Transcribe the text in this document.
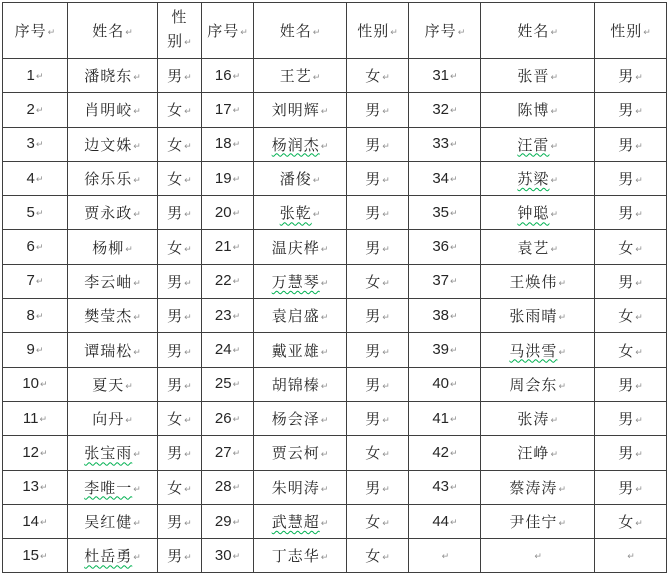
序号↵	姓名↵	性别↵	序号↵	姓名↵	性别↵	序号↵	姓名↵	性别↵
1↵	潘晓东↵	男↵	16↵	王艺↵	女↵	31↵	张晋↵	男↵
2↵	肖明峧↵	女↵	17↵	刘明辉↵	男↵	32↵	陈博↵	男↵
3↵	边文姝↵	女↵	18↵	杨润杰↵	男↵	33↵	汪雷↵	男↵
4↵	徐乐乐↵	女↵	19↵	潘俊↵	男↵	34↵	苏梁↵	男↵
5↵	贾永政↵	男↵	20↵	张乾↵	男↵	35↵	钟聪↵	男↵
6↵	杨柳↵	女↵	21↵	温庆桦↵	男↵	36↵	袁艺↵	女↵
7↵	李云岫↵	男↵	22↵	万慧琴↵	女↵	37↵	王焕伟↵	男↵
8↵	樊莹杰↵	男↵	23↵	袁启盛↵	男↵	38↵	张雨晴↵	女↵
9↵	谭瑞松↵	男↵	24↵	戴亚雄↵	男↵	39↵	马洪雪↵	女↵
10↵	夏天↵	男↵	25↵	胡锦榛↵	男↵	40↵	周会东↵	男↵
11↵	向丹↵	女↵	26↵	杨会泽↵	男↵	41↵	张涛↵	男↵
12↵	张宝雨↵	男↵	27↵	贾云柯↵	女↵	42↵	汪峥↵	男↵
13↵	李唯一↵	女↵	28↵	朱明涛↵	男↵	43↵	蔡涛涛↵	男↵
14↵	吴红健↵	男↵	29↵	武慧超↵	女↵	44↵	尹佳宁↵	女↵
15↵	杜岳勇↵	男↵	30↵	丁志华↵	女↵	↵	↵	↵
